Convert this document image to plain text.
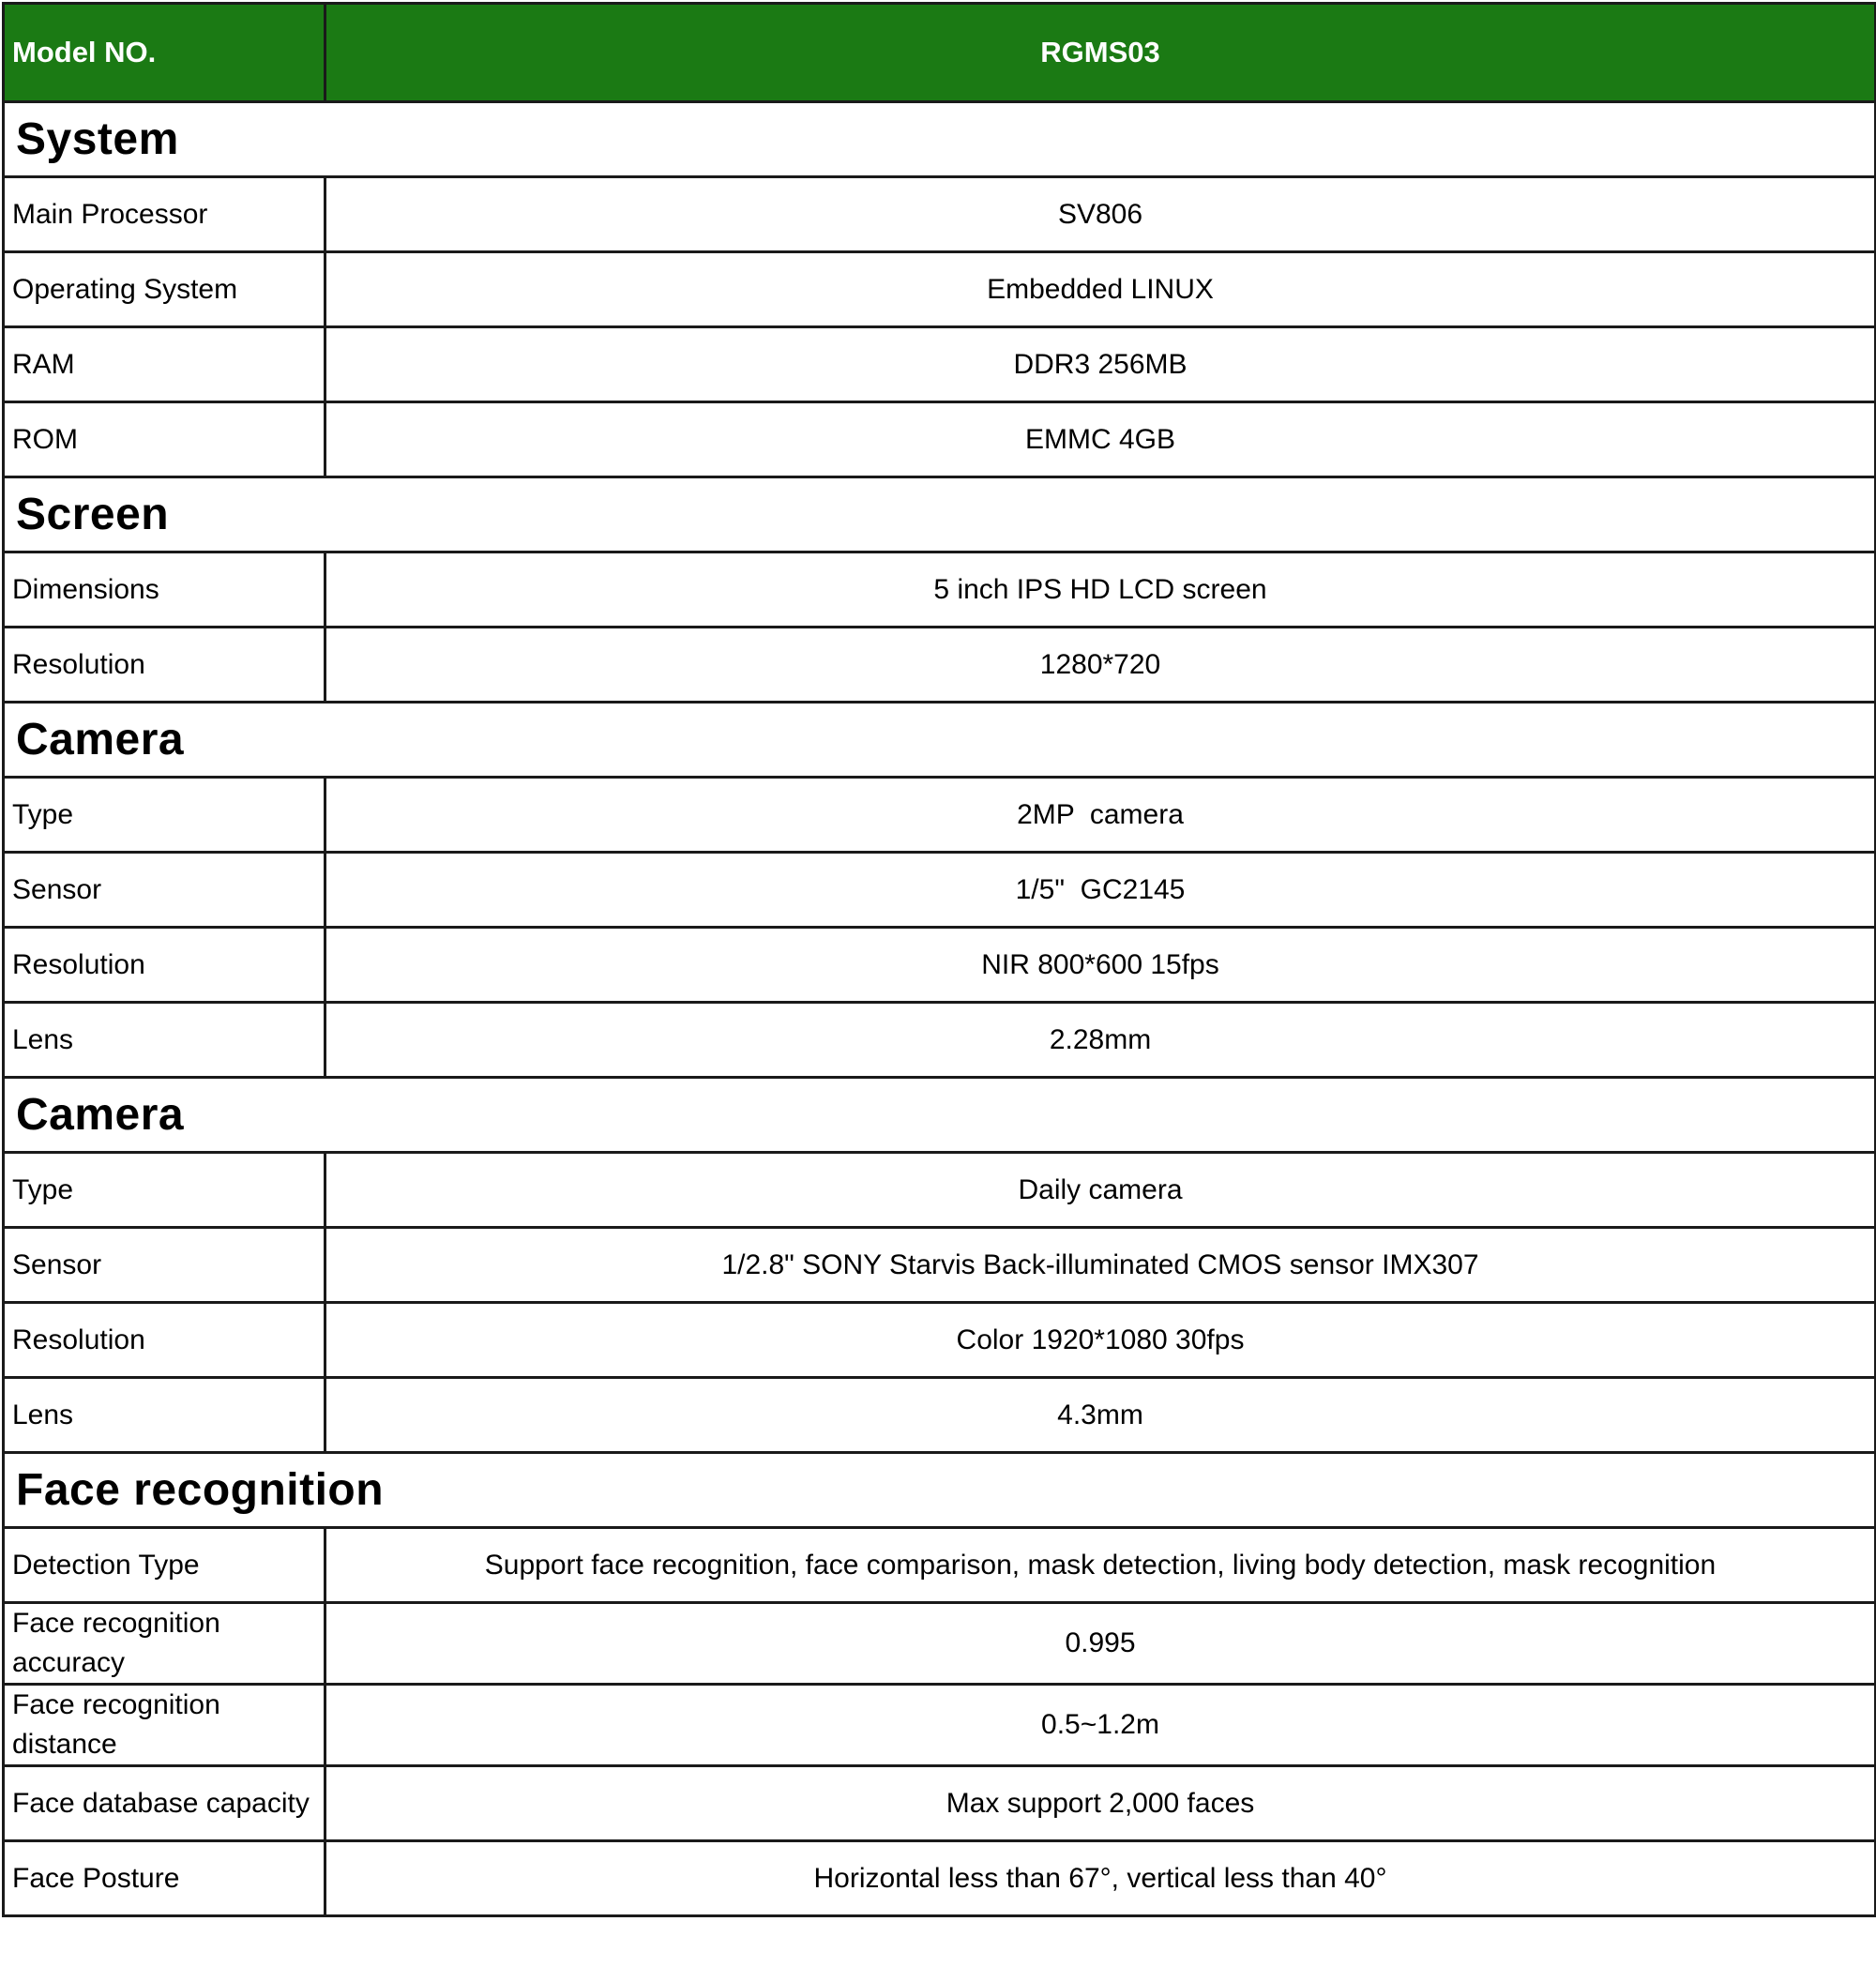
Model NO.	RGMS03
System	
Main Processor	SV806
Operating System	Embedded LINUX
RAM	DDR3 256MB
ROM	EMMC 4GB
Screen	
Dimensions	5 inch IPS HD LCD screen
Resolution	1280*720
Camera	
Type	2MP  camera
Sensor	1/5"  GC2145
Resolution	NIR 800*600 15fps
Lens	2.28mm
Camera	
Type	Daily camera
Sensor	1/2.8" SONY Starvis Back-illuminated CMOS sensor IMX307
Resolution	Color 1920*1080 30fps
Lens	4.3mm
Face recognition	
Detection Type	Support face recognition, face comparison, mask detection, living body detection, mask recognition
Face recognition accuracy	0.995
Face recognition distance	0.5~1.2m
Face database capacity	Max support 2,000 faces
Face Posture	Horizontal less than 67°, vertical less than 40°
